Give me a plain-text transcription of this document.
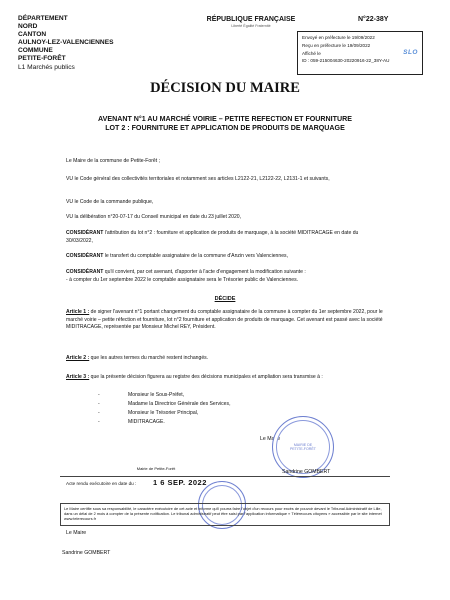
DÉPARTEMENT
NORD
CANTON
AULNOY-LEZ-VALENCIENNES
COMMUNE
PETITE-FORÊT
L1 Marchés publics
RÉPUBLIQUE FRANÇAISE
Liberté Égalité Fraternité
N°22-38Y
Envoyé en préfecture le 19/09/2022
Reçu en préfecture le 19/09/2022
Affiché le
ID : 059-215004630-20220916-22_38Y-AU
SLO
DÉCISION DU MAIRE
AVENANT N°1 AU MARCHÉ VOIRIE – PETITE REFECTION ET FOURNITURE
LOT 2 : FOURNITURE ET APPLICATION DE PRODUITS DE MARQUAGE
Le Maire de la commune de Petite-Forêt ;
VU le Code général des collectivités territoriales et notamment ses articles L2122-21, L2122-22, L2131-1 et suivants,
VU le Code de la commande publique,
VU la délibération n°20-07-17 du Conseil municipal en date du 23 juillet 2020,
CONSIDÉRANT l'attribution du lot n°2 : fourniture et application de produits de marquage, à la société MIDITRACAGE en date du 30/03/2022,
CONSIDÉRANT le transfert du comptable assignataire de la commune d'Anzin vers Valenciennes,
CONSIDÉRANT qu'il convient, par cet avenant, d'apporter à l'acte d'engagement la modification suivante :
- à compter du 1er septembre 2022 le comptable assignataire sera le Trésorier public de Valenciennes.
DÉCIDE
Article 1 : de signer l'avenant n°1 portant changement du comptable assignataire de la commune à compter du 1er septembre 2022, pour le marché voirie – petite réfection et fourniture, lot n°2 fourniture et application de produits de marquage. Cet avenant est passé avec la société MIDITRACAGE, représentée par Monsieur Michel REY, Président.
Article 2 : que les autres termes du marché restent inchangés.
Article 3 : que la présente décision figurera au registre des décisions municipales et ampliation sera transmise à :
-	Monsieur le Sous-Préfet,
-	Madame la Directrice Générale des Services,
-	Monsieur le Trésorier Principal,
-	MIDITRACAGE.
Le Maire
MAIRIE DE PETITE-FORÊT
Sandrine GOMBERT
Mairie de Petite-Forêt
Acte rendu exécutoire en date du : 1 6 SEP. 2022
Le Maire certifie sous sa responsabilité, le caractère exécutoire de cet acte et informe qu'il pourra faire l'objet d'un recours pour excès de pouvoir devant le Tribunal Administratif de Lille, dans un délai de 2 mois à compter de la présente notification. Le tribunal administratif peut être saisi par l'application informatique « Télérecours citoyens » accessible par le site internet www.telerecours.fr
Le Maire
Sandrine GOMBERT
